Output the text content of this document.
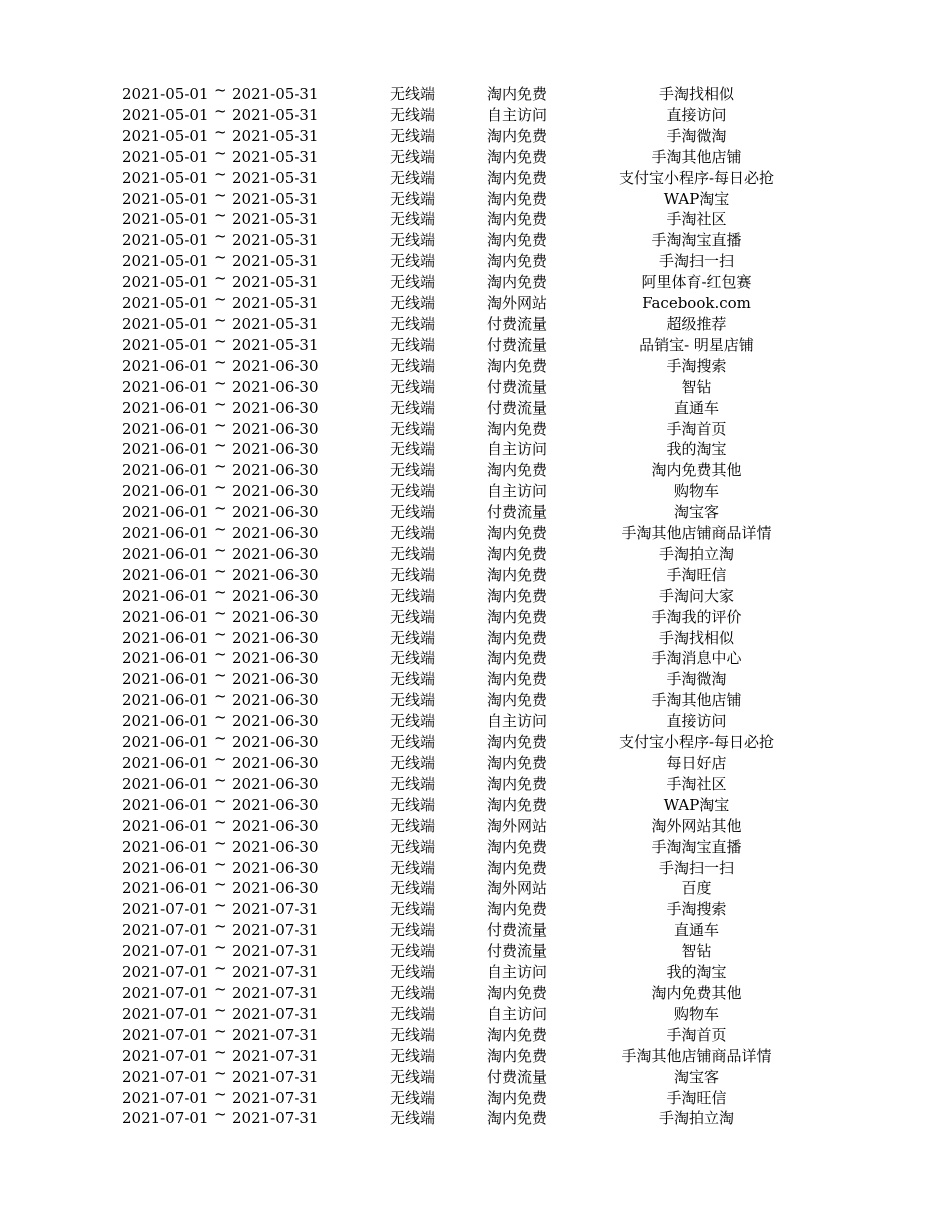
2021-05-01 ~ 2021-05-31	无线端	淘内免费	手淘找相似
2021-05-01 ~ 2021-05-31	无线端	自主访问	直接访问
2021-05-01 ~ 2021-05-31	无线端	淘内免费	手淘微淘
2021-05-01 ~ 2021-05-31	无线端	淘内免费	手淘其他店铺
2021-05-01 ~ 2021-05-31	无线端	淘内免费	支付宝小程序-每日必抢
2021-05-01 ~ 2021-05-31	无线端	淘内免费	WAP淘宝
2021-05-01 ~ 2021-05-31	无线端	淘内免费	手淘社区
2021-05-01 ~ 2021-05-31	无线端	淘内免费	手淘淘宝直播
2021-05-01 ~ 2021-05-31	无线端	淘内免费	手淘扫一扫
2021-05-01 ~ 2021-05-31	无线端	淘内免费	阿里体育-红包赛
2021-05-01 ~ 2021-05-31	无线端	淘外网站	Facebook.com
2021-05-01 ~ 2021-05-31	无线端	付费流量	超级推荐
2021-05-01 ~ 2021-05-31	无线端	付费流量	品销宝- 明星店铺
2021-06-01 ~ 2021-06-30	无线端	淘内免费	手淘搜索
2021-06-01 ~ 2021-06-30	无线端	付费流量	智钻
2021-06-01 ~ 2021-06-30	无线端	付费流量	直通车
2021-06-01 ~ 2021-06-30	无线端	淘内免费	手淘首页
2021-06-01 ~ 2021-06-30	无线端	自主访问	我的淘宝
2021-06-01 ~ 2021-06-30	无线端	淘内免费	淘内免费其他
2021-06-01 ~ 2021-06-30	无线端	自主访问	购物车
2021-06-01 ~ 2021-06-30	无线端	付费流量	淘宝客
2021-06-01 ~ 2021-06-30	无线端	淘内免费	手淘其他店铺商品详情
2021-06-01 ~ 2021-06-30	无线端	淘内免费	手淘拍立淘
2021-06-01 ~ 2021-06-30	无线端	淘内免费	手淘旺信
2021-06-01 ~ 2021-06-30	无线端	淘内免费	手淘问大家
2021-06-01 ~ 2021-06-30	无线端	淘内免费	手淘我的评价
2021-06-01 ~ 2021-06-30	无线端	淘内免费	手淘找相似
2021-06-01 ~ 2021-06-30	无线端	淘内免费	手淘消息中心
2021-06-01 ~ 2021-06-30	无线端	淘内免费	手淘微淘
2021-06-01 ~ 2021-06-30	无线端	淘内免费	手淘其他店铺
2021-06-01 ~ 2021-06-30	无线端	自主访问	直接访问
2021-06-01 ~ 2021-06-30	无线端	淘内免费	支付宝小程序-每日必抢
2021-06-01 ~ 2021-06-30	无线端	淘内免费	每日好店
2021-06-01 ~ 2021-06-30	无线端	淘内免费	手淘社区
2021-06-01 ~ 2021-06-30	无线端	淘内免费	WAP淘宝
2021-06-01 ~ 2021-06-30	无线端	淘外网站	淘外网站其他
2021-06-01 ~ 2021-06-30	无线端	淘内免费	手淘淘宝直播
2021-06-01 ~ 2021-06-30	无线端	淘内免费	手淘扫一扫
2021-06-01 ~ 2021-06-30	无线端	淘外网站	百度
2021-07-01 ~ 2021-07-31	无线端	淘内免费	手淘搜索
2021-07-01 ~ 2021-07-31	无线端	付费流量	直通车
2021-07-01 ~ 2021-07-31	无线端	付费流量	智钻
2021-07-01 ~ 2021-07-31	无线端	自主访问	我的淘宝
2021-07-01 ~ 2021-07-31	无线端	淘内免费	淘内免费其他
2021-07-01 ~ 2021-07-31	无线端	自主访问	购物车
2021-07-01 ~ 2021-07-31	无线端	淘内免费	手淘首页
2021-07-01 ~ 2021-07-31	无线端	淘内免费	手淘其他店铺商品详情
2021-07-01 ~ 2021-07-31	无线端	付费流量	淘宝客
2021-07-01 ~ 2021-07-31	无线端	淘内免费	手淘旺信
2021-07-01 ~ 2021-07-31	无线端	淘内免费	手淘拍立淘
